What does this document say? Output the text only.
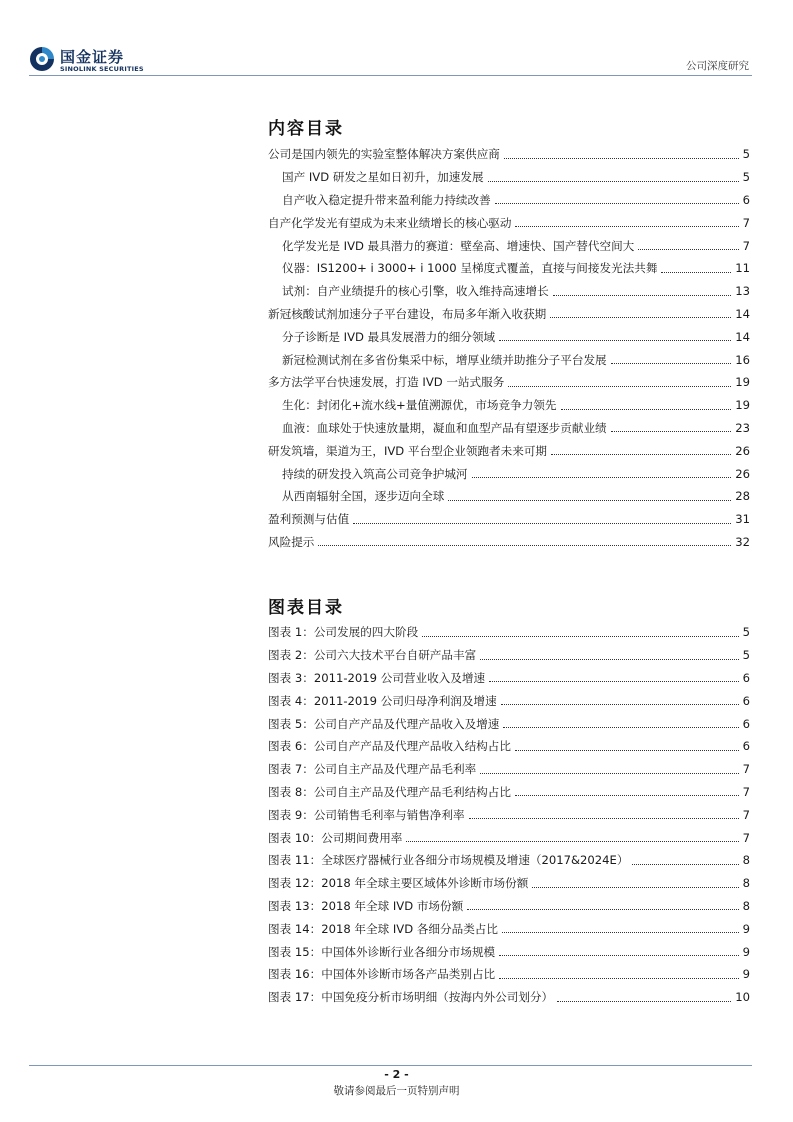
国金证券
SINOLINK SECURITIES	公司深度研究
内容目录
公司是国内领先的实验室整体解决方案供应商	5
国产 IVD 研发之星如日初升，加速发展	5
自产收入稳定提升带来盈利能力持续改善	6
自产化学发光有望成为未来业绩增长的核心驱动	7
化学发光是 IVD 最具潜力的赛道：壁垒高、增速快、国产替代空间大	7
仪器：IS1200+ i 3000+ i 1000 呈梯度式覆盖，直接与间接发光法共舞	11
试剂：自产业绩提升的核心引擎，收入维持高速增长	13
新冠核酸试剂加速分子平台建设，布局多年渐入收获期	14
分子诊断是 IVD 最具发展潜力的细分领域	14
新冠检测试剂在多省份集采中标，增厚业绩并助推分子平台发展	16
多方法学平台快速发展，打造 IVD 一站式服务	19
生化：封闭化+流水线+量值溯源优，市场竞争力领先	19
血液：血球处于快速放量期，凝血和血型产品有望逐步贡献业绩	23
研发筑墙，渠道为王，IVD 平台型企业领跑者未来可期	26
持续的研发投入筑高公司竞争护城河	26
从西南辐射全国，逐步迈向全球	28
盈利预测与估值	31
风险提示	32
图表目录
图表 1：公司发展的四大阶段	5
图表 2：公司六大技术平台自研产品丰富	5
图表 3：2011-2019 公司营业收入及增速	6
图表 4：2011-2019 公司归母净利润及增速	6
图表 5：公司自产产品及代理产品收入及增速	6
图表 6：公司自产产品及代理产品收入结构占比	6
图表 7：公司自主产品及代理产品毛利率	7
图表 8：公司自主产品及代理产品毛利结构占比	7
图表 9：公司销售毛利率与销售净利率	7
图表 10：公司期间费用率	7
图表 11：全球医疗器械行业各细分市场规模及增速（2017&2024E）	8
图表 12：2018 年全球主要区域体外诊断市场份额	8
图表 13：2018 年全球 IVD 市场份额	8
图表 14：2018 年全球 IVD 各细分品类占比	9
图表 15：中国体外诊断行业各细分市场规模	9
图表 16：中国体外诊断市场各产品类别占比	9
图表 17：中国免疫分析市场明细（按海内外公司划分）	10
- 2 -
敬请参阅最后一页特别声明
